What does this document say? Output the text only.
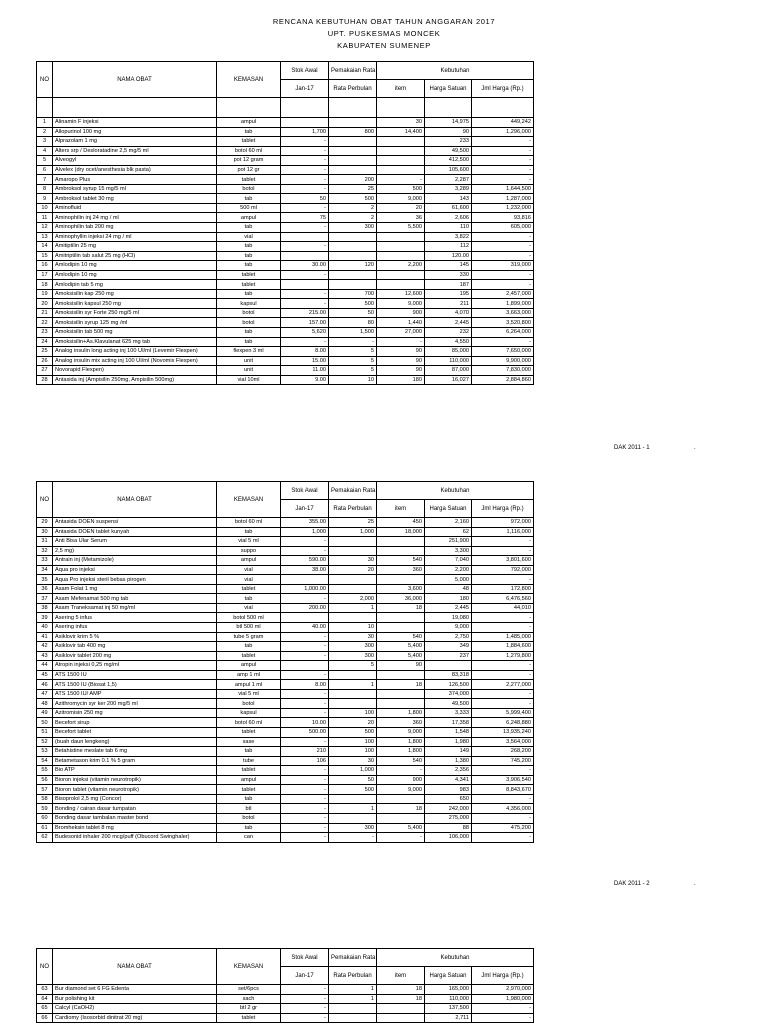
RENCANA KEBUTUHAN OBAT TAHUN ANGGARAN 2017
UPT. PUSKESMAS MONCEK
KABUPATEN SUMENEP
NO	NAMA OBAT	KEMASAN	Stok Awal	Pemakaian Rata	Kebutuhan		
			Jan-17	Rata Perbulan	item	Harga Satuan	Jml Harga (Rp.)

1	Alinamin F injeksi	ampul			30	14,975	449,242
2	Allopurinol 100 mg	tab	1,700	800	14,400	90	1,296,000
3	Alprazolam 1 mg	tablet	-			233	-
4	Alters srp / Desloratadine 2,5 mg/5 ml	botol 60 ml	-			49,500	-
5	Alveogyl	pot 12 gram	-			412,500	-
6	Alvelex (dry ocet/anesthesia blk pasta)	pot 12 gr	-			105,600	-
7	Amaropo Plus	tablet	-	200	-	2,287	-
8	Ambroksol syrup 15 mg/5 ml	botol	-	25	500	3,289	1,644,500
9	Ambroksol tablet 30 mg	tab	50	500	9,000	143	1,287,000
10	Aminofluid	500 ml	-	2	20	61,600	1,232,000
11	Aminophilin inj 24 mg / ml	ampul	75	2	36	2,606	93,816
12	Aminophilin tab 200 mg	tab	-	300	5,500	110	605,000
13	Aminophyllin injeksi 24 mg / ml	vial				3,822	-
14	Amitiptilin 25 mg	tab	-			112	-
15	Amitriptilin tab salut 25 mg (HCl)	tab				120.00	-
16	Amlodipin 10 mg	tab	30.00	120	2,200	145	319,000
17	Amlodipin 10 mg	tablet	-			330	-
18	Amlodipin tab 5 mg	tablet				187	-
19	Amoksisilin kap 250 mg	tab	-	700	12,600	195	2,457,000
20	Amoksisilin kapsul 250 mg	kapsul	-	500	9,000	211	1,899,000
21	Amoksisilin syr Forte 250 mg/5 ml	botol	215.00	50	900	4,070	3,663,000
22	Amoksisilin syrup 125 mg /ml	botol	157.00	80	1,440	2,445	3,520,800
23	Amoksisilin tab 500 mg	tab	5,620	1,500	27,000	232	6,264,000
24	Amoksisilin+As.Klavulanat 625 mg tab	tab	-	-	-	4,550	-
25	Analog insulin long acting inj 100 UI/ml (Levemir Flexpen)	flexpen 3 ml	8.00	5	90	85,000	7,650,000
26	Analog insulin mix acting inj 100 UI/ml (Novomix Flexpen)	unit	15.00	5	90	110,000	9,900,000
27	Novorapid Flexpen)	unit	11.00	5	90	87,000	7,830,000
28	Antasida inj (Ampisilin 250mg, Ampisilin 500mg)	vial 10ml	9.00	10	180	16,027	2,884,860
DAK 2011 - 1	.
NO	NAMA OBAT	KEMASAN	Stok Awal	Pemakaian Rata	Kebutuhan		
			Jan-17	Rata Perbulan	item	Harga Satuan	Jml Harga (Rp.)
29	Antasida DOEN suspensi	botol 60 ml	355.00	25	450	2,160	972,000
30	Antasida DOEN tablet kunyah	tab	1,000	1,000	18,000	62	1,116,000
31	Anti Bisa Ular Serum	vial 5 ml	-			251,900	-
32	2,5 mg)	suppo	-			3,300	-
33	Antrain inj (Metamizole)	ampul	590.00	30	540	7,040	3,801,600
34	Aqua pro injeksi	vial	38.00	20	360	2,200	792,000
35	Aqua Pro injeksi steril bebas pirogen	vial				5,000	-
36	Asam Folat 1 mg	tablet	1,000.00		3,600	48	172,800
37	Asam Mefenamat 500 mg tab	tab	-	2,000	36,000	180	6,476,560
38	Asam Traneksamat inj 50 mg/ml	vial	200.00	1	18	2,445	44,010
39	Asering 5 infus	botol 500 ml				19,080	-
40	Asering infus	btl 500 ml	40.00	10		9,000	-
41	Asiklovir krim 5 %	tube 5 gram	-	30	540	2,750	1,485,000
42	Asiklovir tab 400 mg	tab	-	300	5,400	349	1,884,600
43	Asiklovir tablet 200 mg	tablet	-	300	5,400	237	1,279,800
44	Atropin injeksi 0,25 mg/ml	ampul		5	90		-
45	ATS 1500 IU	amp 1 ml	-			83,318	-
46	ATS 1500 IU (Biosat 1,5)	ampul 1 ml	8.00	1	18	126,500	2,277,000
47	ATS 1500 IU/ AMP	vial 5 ml	-			374,000	-
48	Azithromycin syr ker 200 mg/5 ml	botol	-			49,500	-
49	Azitromisin 250 mg	kapsul	-	100	1,800	3,333	5,999,400
50	Becefort sirup	botol 60 ml	10.00	20	360	17,358	6,248,880
51	Becefort tablet	tablet	500.00	500	9,000	1,548	13,935,240
52	(buah daun lengkeng)	sase	-	100	1,800	1,980	3,564,000
53	Betahistine meslate tab 6 mg	tab	210	100	1,800	149	268,200
54	Betametason krim 0.1 % 5 gram	tube	106	30	540	1,380	745,200
55	Bio ATP	tablet	-	1,000	-	2,356	-
56	Bioron injeksi (vitamin neurotropik)	ampul	-	50	900	4,341	3,906,540
57	Bioron tablet (vitamin neurotropik)	tablet	-	500	9,000	983	8,843,670
58	Bisoprolol 2,5 mg (Concor)	tab	-			650	-
59	Bonding / cairan dasar tumpatan	btl	-	1	18	242,000	4,356,000
60	Bonding dasar tambalan master bond	botol	-			275,000	-
61	Bromheksin tablet 8 mg	tab	-	300	5,400	88	475,200
62	Budesonid inhaler 200 mcg/puff (Obucord Swinghaler)	can	-	-	-	106,000	-
DAK 2011 - 2	.
NO	NAMA OBAT	KEMASAN	Stok Awal	Pemakaian Rata	Kebutuhan		
			Jan-17	Rata Perbulan	item	Harga Satuan	Jml Harga (Rp.)
63	Bur diamond set 6 FG Edenta	set/6pcs	-	1	18	165,000	2,970,000
64	Bur polishing kit	sach	-	1	18	110,000	1,980,000
65	Calcyl (CaOH2)	btl 2 gr	-			137,500	-
66	Cardiomy (Isosorbid dinitrat 20 mg)	tablet	-			2,711	-
